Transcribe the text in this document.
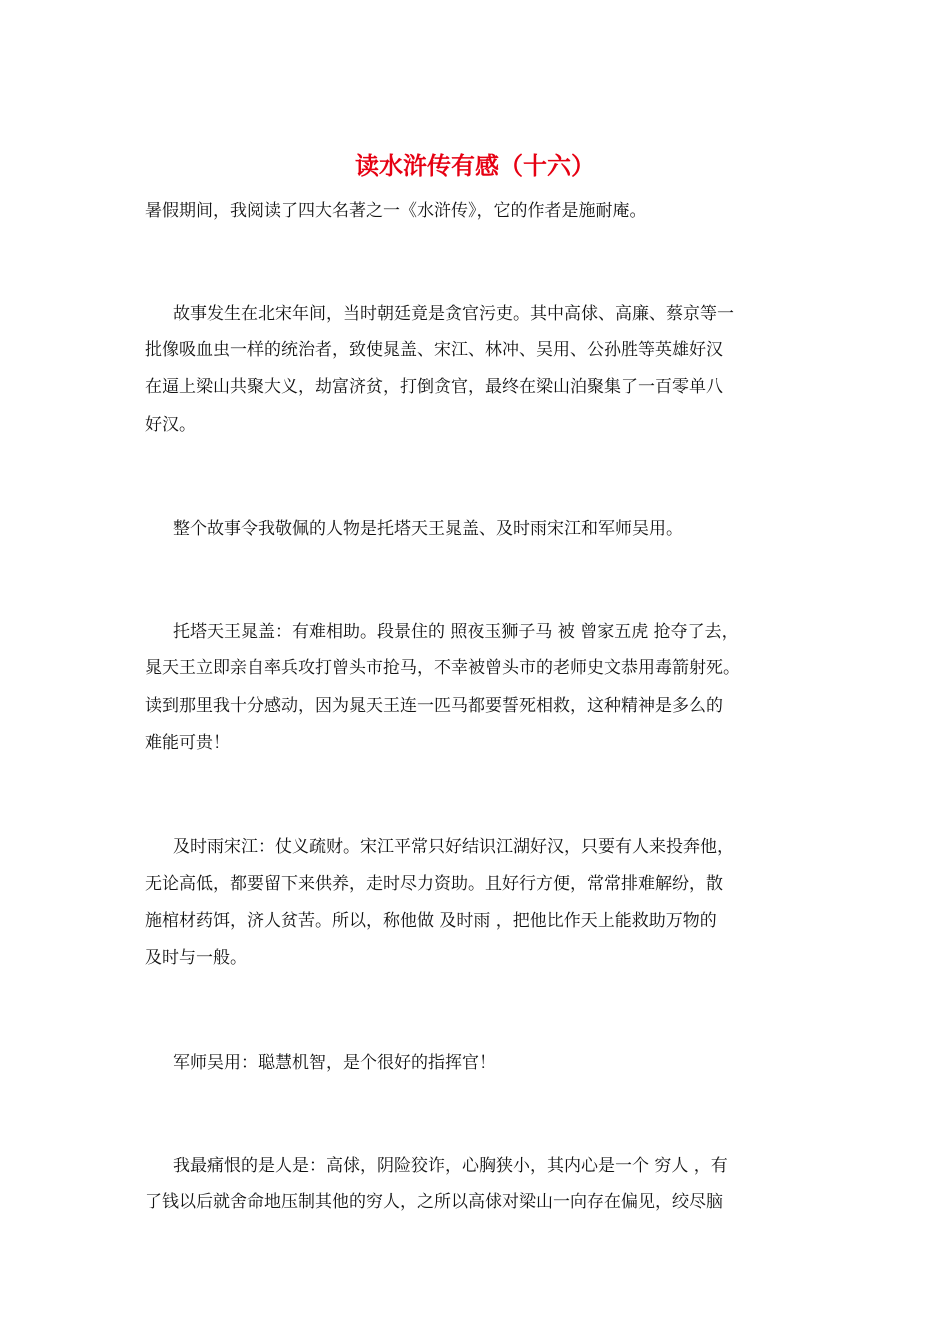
读水浒传有感（十六）

暑假期间，我阅读了四大名著之一《水浒传》，它的作者是施耐庵。

故事发生在北宋年间，当时朝廷竟是贪官污吏。其中高俅、高廉、蔡京等一

批像吸血虫一样的统治者，致使晁盖、宋江、林冲、吴用、公孙胜等英雄好汉

在逼上梁山共聚大义，劫富济贫，打倒贪官，最终在梁山泊聚集了一百零单八

好汉。

整个故事令我敬佩的人物是托塔天王晁盖、及时雨宋江和军师吴用。

托塔天王晁盖：有难相助。段景住的 照夜玉狮子马 被 曾家五虎 抢夺了去，

晁天王立即亲自率兵攻打曾头市抢马，不幸被曾头市的老师史文恭用毒箭射死。

读到那里我十分感动，因为晁天王连一匹马都要誓死相救，这种精神是多么的

难能可贵！

及时雨宋江：仗义疏财。宋江平常只好结识江湖好汉，只要有人来投奔他，

无论高低，都要留下来供养，走时尽力资助。且好行方便，常常排难解纷，散

施棺材药饵，济人贫苦。所以，称他做 及时雨 ，把他比作天上能救助万物的

及时与一般。

军师吴用：聪慧机智，是个很好的指挥官！

我最痛恨的是人是：高俅，阴险狡诈，心胸狭小，其内心是一个 穷人 ，有

了钱以后就舍命地压制其他的穷人，之所以高俅对梁山一向存在偏见，绞尽脑
